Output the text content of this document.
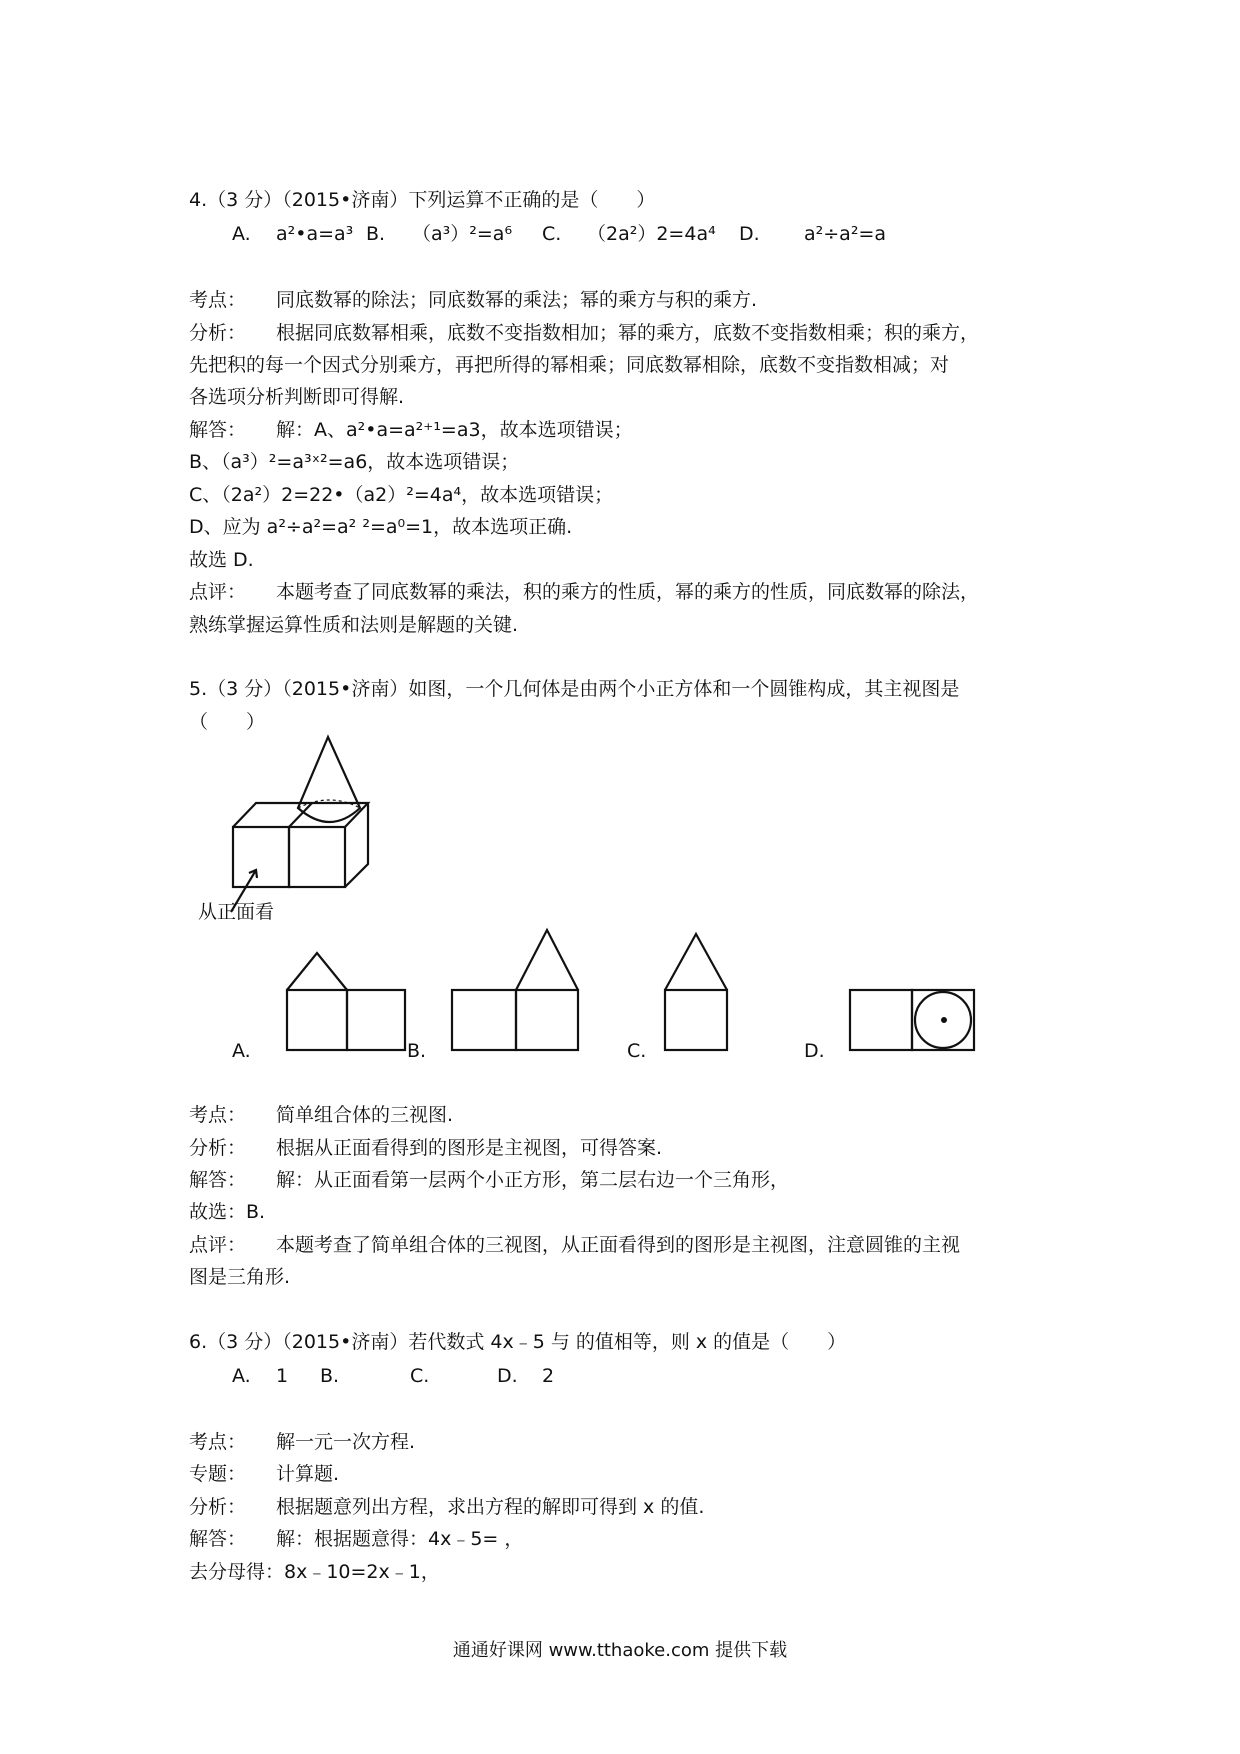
4.（3 分）（2015•济南）下列运算不正确的是（　　）
A. a²•a=a³ B. （a³）²=a⁶ C. （2a²）2=4a⁴ D. a²÷a²=a
考点： 同底数幂的除法；同底数幂的乘法；幂的乘方与积的乘方.
分析： 根据同底数幂相乘，底数不变指数相加；幂的乘方，底数不变指数相乘；积的乘方，
先把积的每一个因式分别乘方，再把所得的幂相乘；同底数幂相除，底数不变指数相减；对
各选项分析判断即可得解.
解答： 解：A、a²•a=a²⁺¹=a3，故本选项错误；
B、（a³）²=a³ˣ²=a6，故本选项错误；
C、（2a²）2=22•（a2）²=4a⁴，故本选项错误；
D、应为 a²÷a²=a² ²=a⁰=1，故本选项正确.
故选 D.
点评： 本题考查了同底数幂的乘法，积的乘方的性质，幂的乘方的性质，同底数幂的除法，
熟练掌握运算性质和法则是解题的关键.
5.（3 分）（2015•济南）如图，一个几何体是由两个小正方体和一个圆锥构成，其主视图是
（　　）
从正面看
A.	B.	C.	D.
考点： 简单组合体的三视图.
分析： 根据从正面看得到的图形是主视图，可得答案.
解答： 解：从正面看第一层两个小正方形，第二层右边一个三角形，
故选：B.
点评： 本题考查了简单组合体的三视图，从正面看得到的图形是主视图，注意圆锥的主视
图是三角形.
6.（3 分）（2015•济南）若代数式 4x﹣5 与 的值相等，则 x 的值是（　　）
A. 1 B.	C.	D. 2
考点： 解一元一次方程.
专题： 计算题.
分析： 根据题意列出方程，求出方程的解即可得到 x 的值.
解答： 解：根据题意得：4x﹣5= ，
去分母得：8x﹣10=2x﹣1，
通通好课网 www.tthaoke.com 提供下载
